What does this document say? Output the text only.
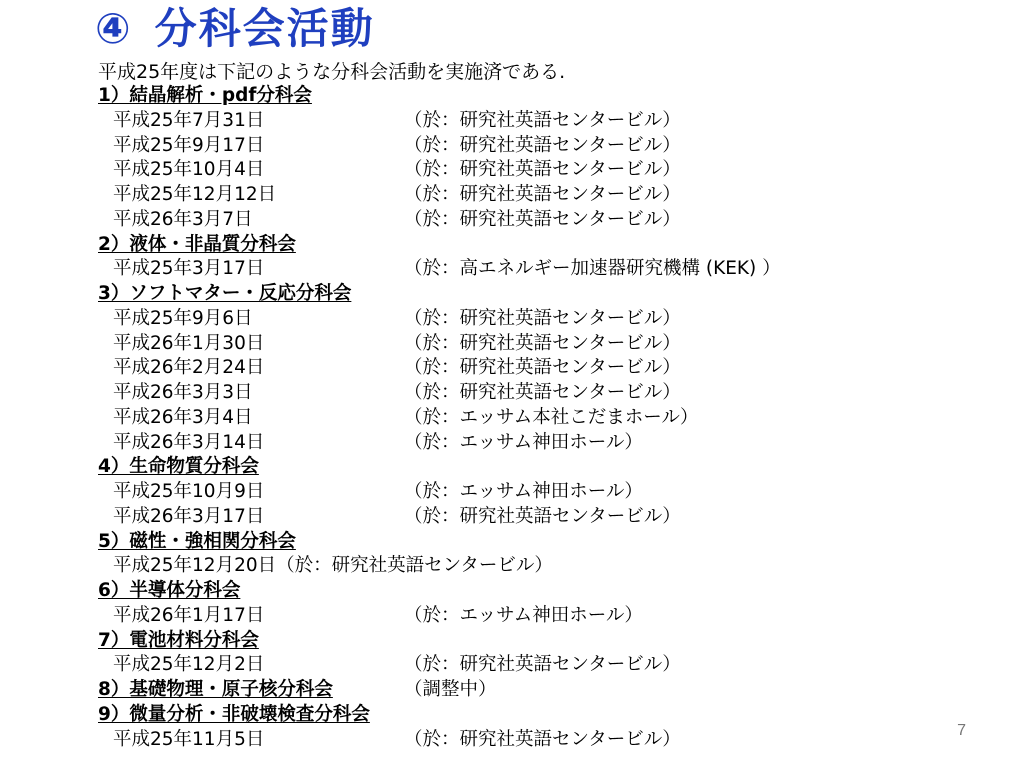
④ 分科会活動
平成25年度は下記のような分科会活動を実施済である.
1）結晶解析・pdf分科会
平成25年7月31日	（於：研究社英語センタービル）
平成25年9月17日	（於：研究社英語センタービル）
平成25年10月4日	（於：研究社英語センタービル）
平成25年12月12日	（於：研究社英語センタービル）
平成26年3月7日	（於：研究社英語センタービル）
2）液体・非晶質分科会
平成25年3月17日	（於：高エネルギー加速器研究機構 (KEK) ）
3）ソフトマター・反応分科会
平成25年9月6日	（於：研究社英語センタービル）
平成26年1月30日	（於：研究社英語センタービル）
平成26年2月24日	（於：研究社英語センタービル）
平成26年3月3日	（於：研究社英語センタービル）
平成26年3月4日	（於：エッサム本社こだまホール）
平成26年3月14日	（於：エッサム神田ホール）
4）生命物質分科会
平成25年10月9日	（於：エッサム神田ホール）
平成26年3月17日	（於：研究社英語センタービル）
5）磁性・強相関分科会
平成25年12月20日（於：研究社英語センタービル）
6）半導体分科会
平成26年1月17日	（於：エッサム神田ホール）
7）電池材料分科会
平成25年12月2日	（於：研究社英語センタービル）
8）基礎物理・原子核分科会	（調整中）
9）微量分析・非破壊検査分科会
平成25年11月5日	（於：研究社英語センタービル）	7
